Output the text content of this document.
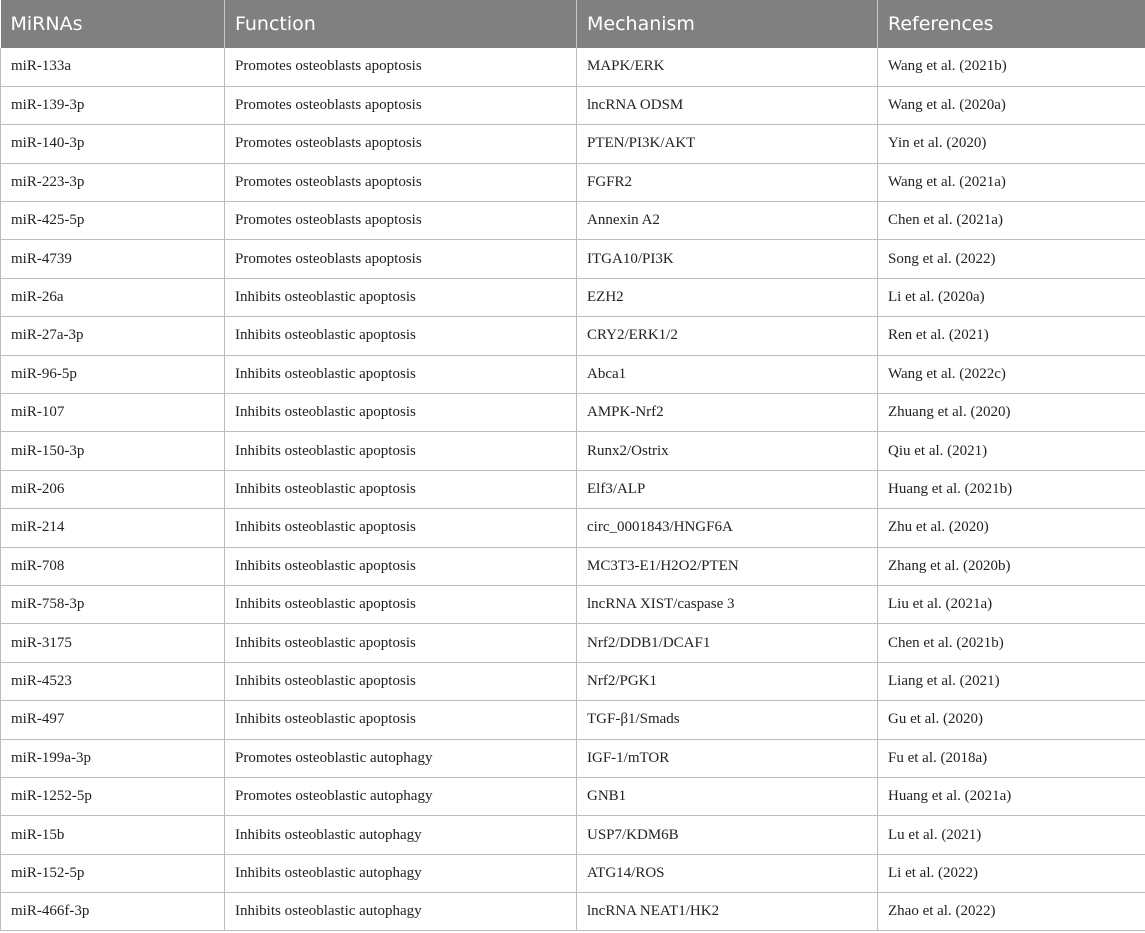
MiRNAs	Function	Mechanism	References
miR-133a	Promotes osteoblasts apoptosis	MAPK/ERK	Wang et al. (2021b)
miR-139-3p	Promotes osteoblasts apoptosis	lncRNA ODSM	Wang et al. (2020a)
miR-140-3p	Promotes osteoblasts apoptosis	PTEN/PI3K/AKT	Yin et al. (2020)
miR-223-3p	Promotes osteoblasts apoptosis	FGFR2	Wang et al. (2021a)
miR-425-5p	Promotes osteoblasts apoptosis	Annexin A2	Chen et al. (2021a)
miR-4739	Promotes osteoblasts apoptosis	ITGA10/PI3K	Song et al. (2022)
miR-26a	Inhibits osteoblastic apoptosis	EZH2	Li et al. (2020a)
miR-27a-3p	Inhibits osteoblastic apoptosis	CRY2/ERK1/2	Ren et al. (2021)
miR-96-5p	Inhibits osteoblastic apoptosis	Abca1	Wang et al. (2022c)
miR-107	Inhibits osteoblastic apoptosis	AMPK-Nrf2	Zhuang et al. (2020)
miR-150-3p	Inhibits osteoblastic apoptosis	Runx2/Ostrix	Qiu et al. (2021)
miR-206	Inhibits osteoblastic apoptosis	Elf3/ALP	Huang et al. (2021b)
miR-214	Inhibits osteoblastic apoptosis	circ_0001843/HNGF6A	Zhu et al. (2020)
miR-708	Inhibits osteoblastic apoptosis	MC3T3-E1/H2O2/PTEN	Zhang et al. (2020b)
miR-758-3p	Inhibits osteoblastic apoptosis	lncRNA XIST/caspase 3	Liu et al. (2021a)
miR-3175	Inhibits osteoblastic apoptosis	Nrf2/DDB1/DCAF1	Chen et al. (2021b)
miR-4523	Inhibits osteoblastic apoptosis	Nrf2/PGK1	Liang et al. (2021)
miR-497	Inhibits osteoblastic apoptosis	TGF-β1/Smads	Gu et al. (2020)
miR-199a-3p	Promotes osteoblastic autophagy	IGF-1/mTOR	Fu et al. (2018a)
miR-1252-5p	Promotes osteoblastic autophagy	GNB1	Huang et al. (2021a)
miR-15b	Inhibits osteoblastic autophagy	USP7/KDM6B	Lu et al. (2021)
miR-152-5p	Inhibits osteoblastic autophagy	ATG14/ROS	Li et al. (2022)
miR-466f-3p	Inhibits osteoblastic autophagy	lncRNA NEAT1/HK2	Zhao et al. (2022)
